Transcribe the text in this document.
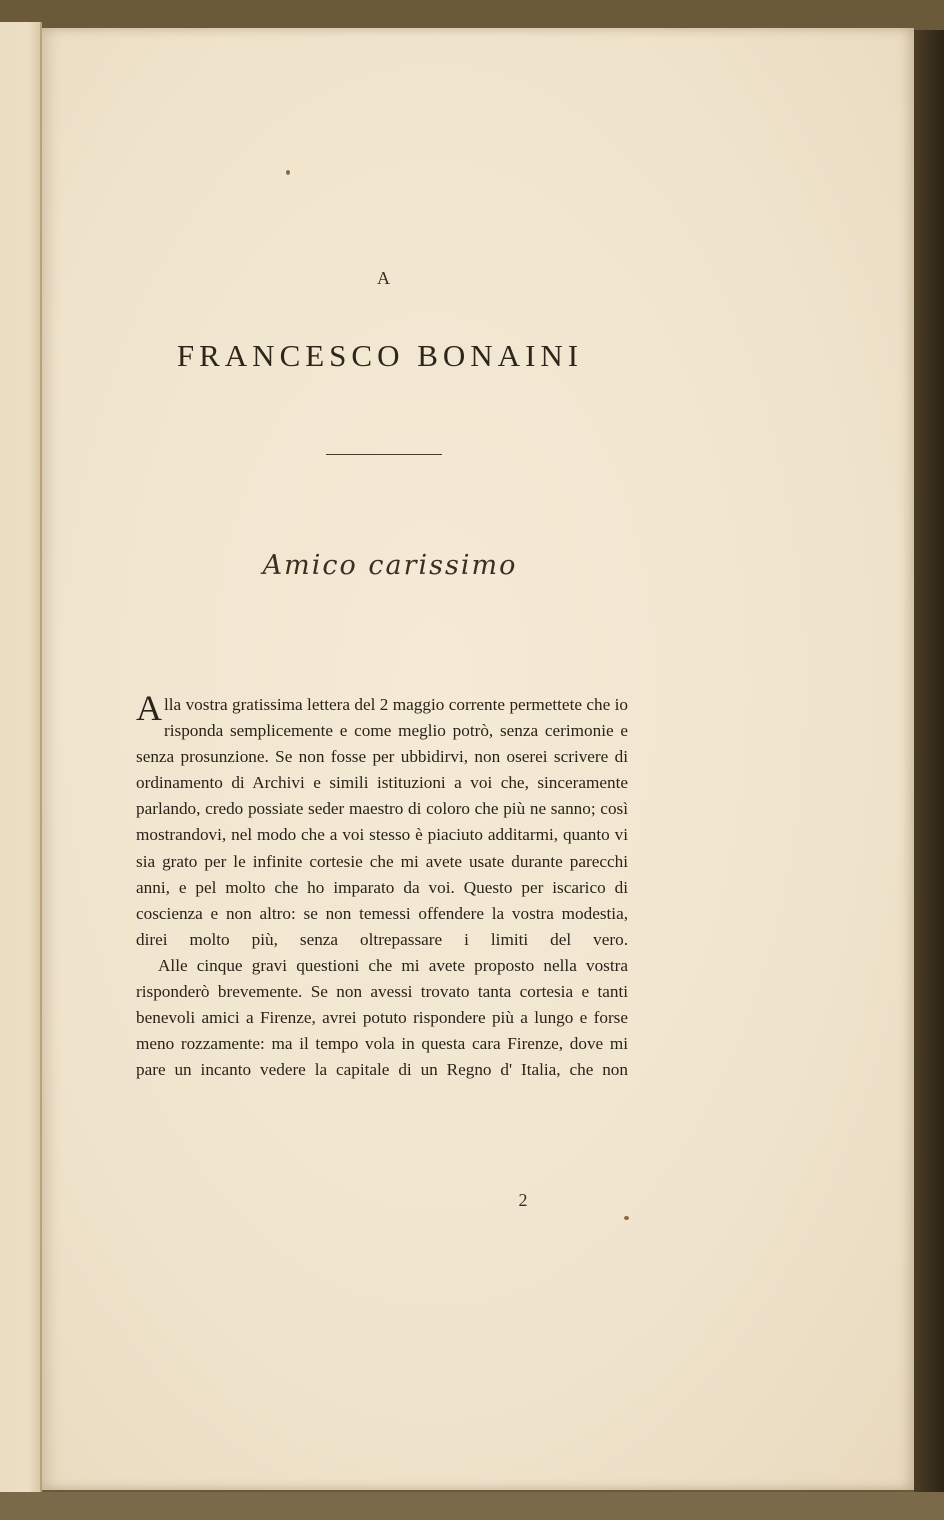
A
FRANCESCO BONAINI
Amico carissimo

Alla vostra gratissima lettera del 2 maggio corrente permettete che io risponda semplicemente e come meglio potrò, senza cerimonie e senza prosunzione. Se non fosse per ubbidirvi, non oserei scrivere di ordinamento di Archivi e simili istituzioni a voi che, sinceramente parlando, credo possiate seder maestro di coloro che più ne sanno; così mostrandovi, nel modo che a voi stesso è piaciuto additarmi, quanto vi sia grato per le infinite cortesie che mi avete usate durante parecchi anni, e pel molto che ho imparato da voi. Questo per iscarico di coscienza e non altro: se non temessi offendere la vostra modestia, direi molto più, senza oltrepassare i limiti del vero.

Alle cinque gravi questioni che mi avete proposto nella vostra risponderò brevemente. Se non avessi trovato tanta cortesia e tanti benevoli amici a Firenze, avrei potuto rispondere più a lungo e forse meno rozzamente: ma il tempo vola in questa cara Firenze, dove mi pare un incanto vedere la capitale di un Regno d' Italia, che non

2
